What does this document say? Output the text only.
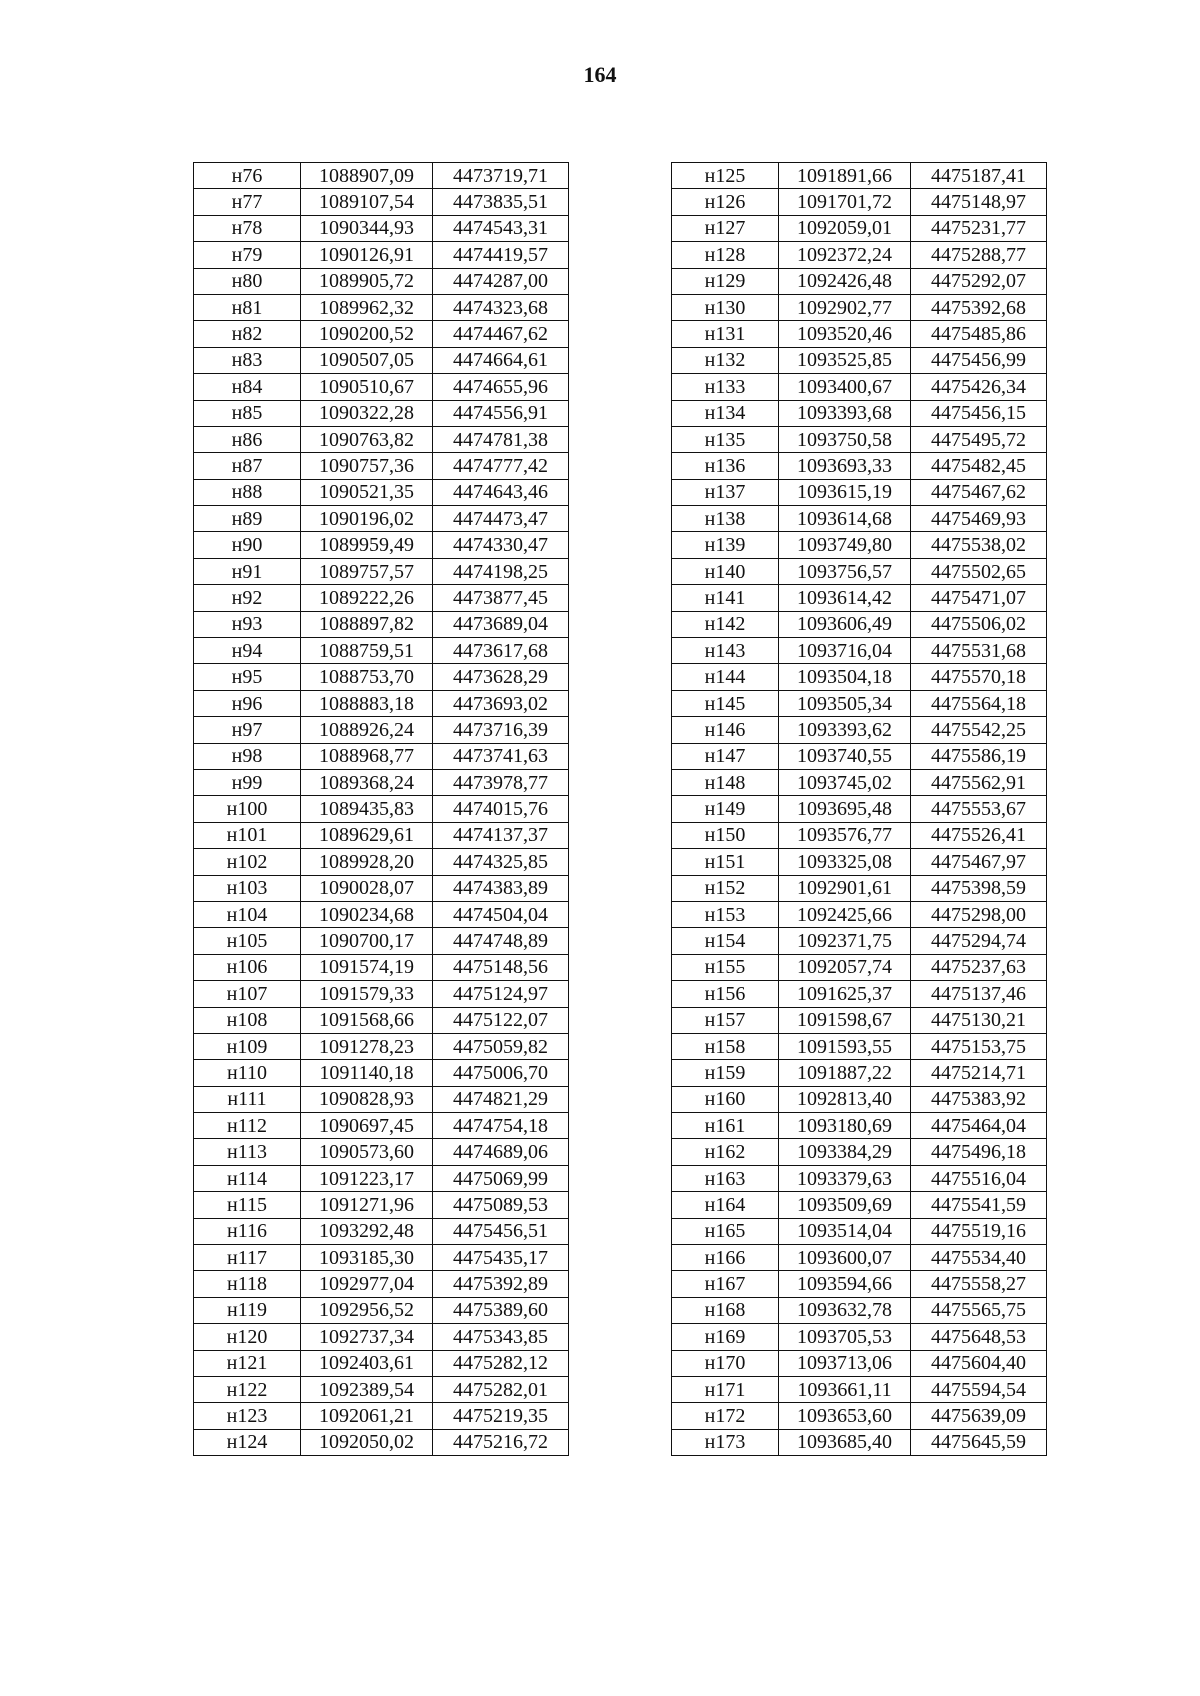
164
н76	1088907,09	4473719,71
н77	1089107,54	4473835,51
н78	1090344,93	4474543,31
н79	1090126,91	4474419,57
н80	1089905,72	4474287,00
н81	1089962,32	4474323,68
н82	1090200,52	4474467,62
н83	1090507,05	4474664,61
н84	1090510,67	4474655,96
н85	1090322,28	4474556,91
н86	1090763,82	4474781,38
н87	1090757,36	4474777,42
н88	1090521,35	4474643,46
н89	1090196,02	4474473,47
н90	1089959,49	4474330,47
н91	1089757,57	4474198,25
н92	1089222,26	4473877,45
н93	1088897,82	4473689,04
н94	1088759,51	4473617,68
н95	1088753,70	4473628,29
н96	1088883,18	4473693,02
н97	1088926,24	4473716,39
н98	1088968,77	4473741,63
н99	1089368,24	4473978,77
н100	1089435,83	4474015,76
н101	1089629,61	4474137,37
н102	1089928,20	4474325,85
н103	1090028,07	4474383,89
н104	1090234,68	4474504,04
н105	1090700,17	4474748,89
н106	1091574,19	4475148,56
н107	1091579,33	4475124,97
н108	1091568,66	4475122,07
н109	1091278,23	4475059,82
н110	1091140,18	4475006,70
н111	1090828,93	4474821,29
н112	1090697,45	4474754,18
н113	1090573,60	4474689,06
н114	1091223,17	4475069,99
н115	1091271,96	4475089,53
н116	1093292,48	4475456,51
н117	1093185,30	4475435,17
н118	1092977,04	4475392,89
н119	1092956,52	4475389,60
н120	1092737,34	4475343,85
н121	1092403,61	4475282,12
н122	1092389,54	4475282,01
н123	1092061,21	4475219,35
н124	1092050,02	4475216,72
н125	1091891,66	4475187,41
н126	1091701,72	4475148,97
н127	1092059,01	4475231,77
н128	1092372,24	4475288,77
н129	1092426,48	4475292,07
н130	1092902,77	4475392,68
н131	1093520,46	4475485,86
н132	1093525,85	4475456,99
н133	1093400,67	4475426,34
н134	1093393,68	4475456,15
н135	1093750,58	4475495,72
н136	1093693,33	4475482,45
н137	1093615,19	4475467,62
н138	1093614,68	4475469,93
н139	1093749,80	4475538,02
н140	1093756,57	4475502,65
н141	1093614,42	4475471,07
н142	1093606,49	4475506,02
н143	1093716,04	4475531,68
н144	1093504,18	4475570,18
н145	1093505,34	4475564,18
н146	1093393,62	4475542,25
н147	1093740,55	4475586,19
н148	1093745,02	4475562,91
н149	1093695,48	4475553,67
н150	1093576,77	4475526,41
н151	1093325,08	4475467,97
н152	1092901,61	4475398,59
н153	1092425,66	4475298,00
н154	1092371,75	4475294,74
н155	1092057,74	4475237,63
н156	1091625,37	4475137,46
н157	1091598,67	4475130,21
н158	1091593,55	4475153,75
н159	1091887,22	4475214,71
н160	1092813,40	4475383,92
н161	1093180,69	4475464,04
н162	1093384,29	4475496,18
н163	1093379,63	4475516,04
н164	1093509,69	4475541,59
н165	1093514,04	4475519,16
н166	1093600,07	4475534,40
н167	1093594,66	4475558,27
н168	1093632,78	4475565,75
н169	1093705,53	4475648,53
н170	1093713,06	4475604,40
н171	1093661,11	4475594,54
н172	1093653,60	4475639,09
н173	1093685,40	4475645,59
